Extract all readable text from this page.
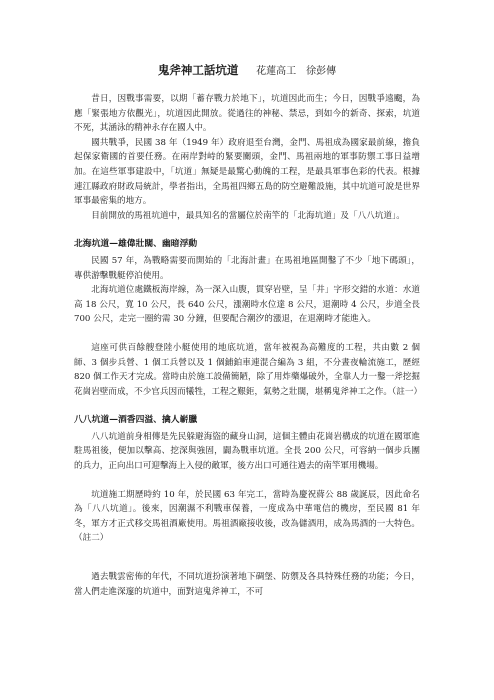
鬼斧神工話坑道 花蓮高工　徐彭傳

昔日，因戰事需要，以期「蓄存戰力於地下」，坑道因此而生；今日，因戰爭遠颺，為應「緊張地方依觀光」，坑道因此開放。從過往的神秘、禁忌，到如今的新奇、探索，坑道不死，其涵泳的精神永存在國人中。

國共戰爭，民國 38 年（1949 年）政府退至台灣，金門、馬祖成為國家最前線，擔負起保家衛國的首要任務。在兩岸對峙的緊要關頭，金門、馬祖兩地的軍事防禦工事日益增加。在這些軍事建設中，「坑道」無疑是最驚心動魄的工程，是最具軍事色彩的代表。根據連江縣政府財政局統計，學者指出，全馬祖四鄉五島的防空避難設施，其中坑道可說是世界軍事最密集的地方。

目前開放的馬祖坑道中，最具知名的當屬位於南竿的「北海坑道」及「八八坑道」。

北海坑道—雄偉壯闊、幽暗浮動

民國 57 年，為戰略需要而開始的「北海計畫」在馬祖地區開鑿了不少「地下碼頭」，專供游擊戰艇停泊使用。

北海坑道位處鐵板海岸線，為一深入山腹，貫穿岩壁，呈「井」字形交錯的水道：水道高 18 公尺，寬 10 公尺，長 640 公尺，漲潮時水位達 8 公尺，退潮時 4 公尺，步道全長 700 公尺，走完一圈約需 30 分鐘，但要配合潮汐的漲退，在退潮時才能進入。

這座可供百餘艘登陸小艇使用的地底坑道，當年被視為高難度的工程，共由數 2 個師、3 個步兵營、1 個工兵營以及 1 個鋪鉑車連混合編為 3 組，不分晝夜輪流施工，歷經 820 個工作天才完成。當時由於施工設備簡陋，除了用炸藥爆破外，全靠人力一鑿一斧挖掘花崗岩壁而成，不少官兵因而犧牲，工程之艱鉅，氣勢之壯闊，堪稱鬼斧神工之作。（註一）

八八坑道—酒香四溢、擒人嶄臘

八八坑道前身相傳是先民躲避海盜的藏身山洞，這個主體由花崗岩構成的坑道在國軍進駐馬祖後，便加以擊高、挖深與強固，闢為戰車坑道。全長 200 公尺，可容納一個步兵團的兵力，正向出口可迎擊海上入侵的敵軍，後方出口可通往過去的南竿軍用機場。

坑道施工期歷時約 10 年，於民國 63 年完工，當時為慶祝蔣公 88 歲誕辰，因此命名為「八八坑道」。後來，因潮濕不利戰車保養，一度成為中華電信的機房，至民國 81 年冬，軍方才正式移交馬祖酒廠使用。馬祖酒廠接收後，改為儲酒用，成為馬酒的一大特色。（註二）

過去戰雲密佈的年代，不同坑道扮演著地下碉堡、防禦及各具特殊任務的功能；今日，當人們走進深邃的坑道中，面對這鬼斧神工，不可
